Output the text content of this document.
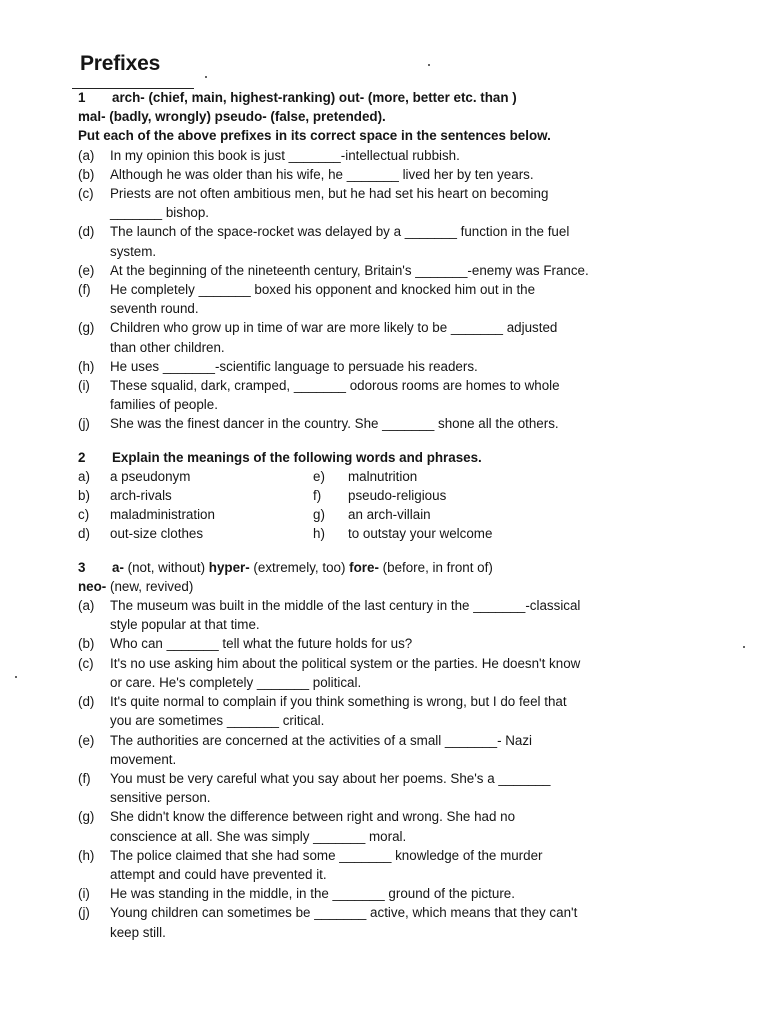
Prefixes
1 arch- (chief, main, highest-ranking) out- (more, better etc. than )
mal- (badly, wrongly) pseudo- (false, pretended).
Put each of the above prefixes in its correct space in the sentences below.
(a)	In my opinion this book is just _______-intellectual rubbish.
(b)	Although he was older than his wife, he _______ lived her by ten years.
(c)	Priests are not often ambitious men, but he had set his heart on becoming
_______ bishop.
(d)	The launch of the space-rocket was delayed by a _______ function in the fuel
system.
(e)	At the beginning of the nineteenth century, Britain's _______-enemy was France.
(f)	He completely _______ boxed his opponent and knocked him out in the
seventh round.
(g)	Children who grow up in time of war are more likely to be _______ adjusted
than other children.
(h)	He uses _______-scientific language to persuade his readers.
(i)	These squalid, dark, cramped, _______ odorous rooms are homes to whole
families of people.
(j)	She was the finest dancer in the country. She _______ shone all the others.
2 Explain the meanings of the following words and phrases.
a)	a pseudonym	e)	malnutrition
b)	arch-rivals	f)	pseudo-religious
c)	maladministration	g)	an arch-villain
d)	out-size clothes	h)	to outstay your welcome
3 a- (not, without) hyper- (extremely, too) fore- (before, in front of)
neo- (new, revived)
(a)	The museum was built in the middle of the last century in the _______-classical
style popular at that time.
(b)	Who can _______ tell what the future holds for us?
(c)	It's no use asking him about the political system or the parties. He doesn't know
or care. He's completely _______ political.
(d)	It's quite normal to complain if you think something is wrong, but I do feel that
you are sometimes _______ critical.
(e)	The authorities are concerned at the activities of a small _______- Nazi
movement.
(f)	You must be very careful what you say about her poems. She's a _______
sensitive person.
(g)	She didn't know the difference between right and wrong. She had no
conscience at all. She was simply _______ moral.
(h)	The police claimed that she had some _______ knowledge of the murder
attempt and could have prevented it.
(i)	He was standing in the middle, in the _______ ground of the picture.
(j)	Young children can sometimes be _______ active, which means that they can't
keep still.
